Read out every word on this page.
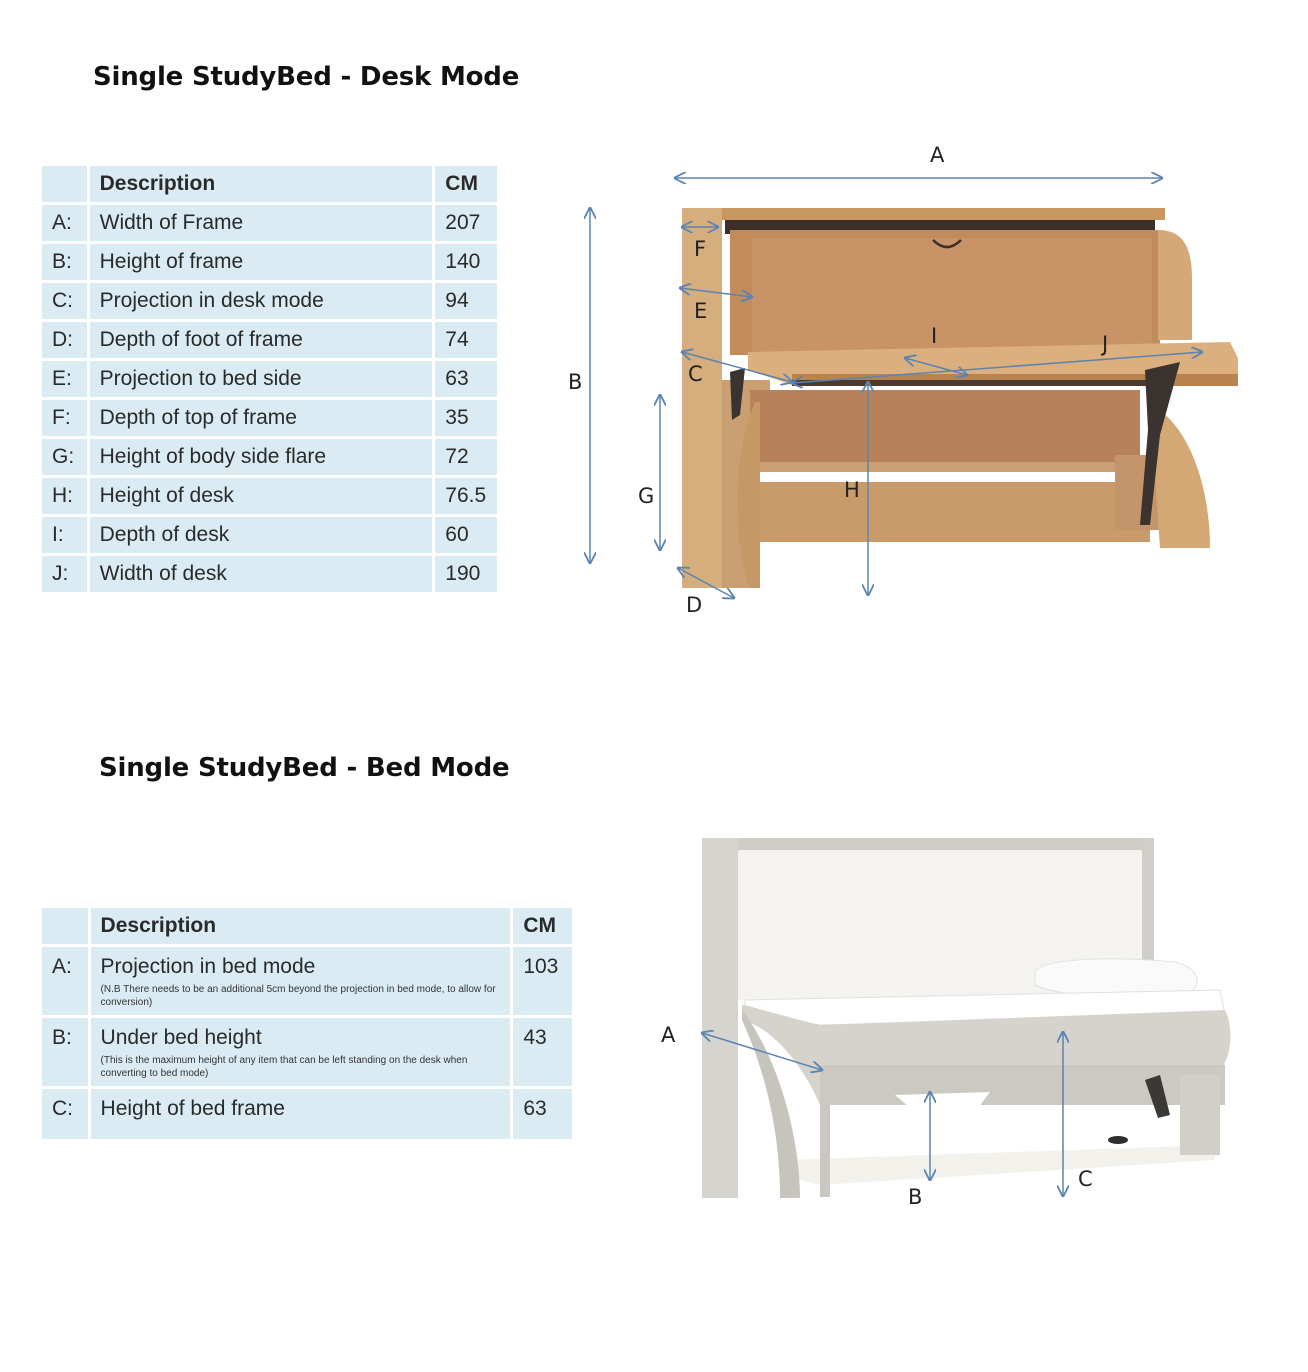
Single StudyBed - Desk Mode
	Description	CM
A:	Width of Frame	207
B:	Height of frame	140
C:	Projection in desk mode	94
D:	Depth of foot of frame	74
E:	Projection to bed side	63
F:	Depth of top of frame	35
G:	Height of body side flare	72
H:	Height of desk	76.5
I:	Depth of desk	60
J:	Width of desk	190
A
B	C
D
E
F
G	H
I	J
Single StudyBed - Bed Mode
	Description	CM
A:	Projection in bed mode
(N.B There needs to be an additional 5cm beyond the projection in bed mode, to allow for conversion)	103
B:	Under bed height
(This is the maximum height of any item that can be left standing on the desk when converting to bed mode)	43
C:	Height of bed frame	63
A
B
C
